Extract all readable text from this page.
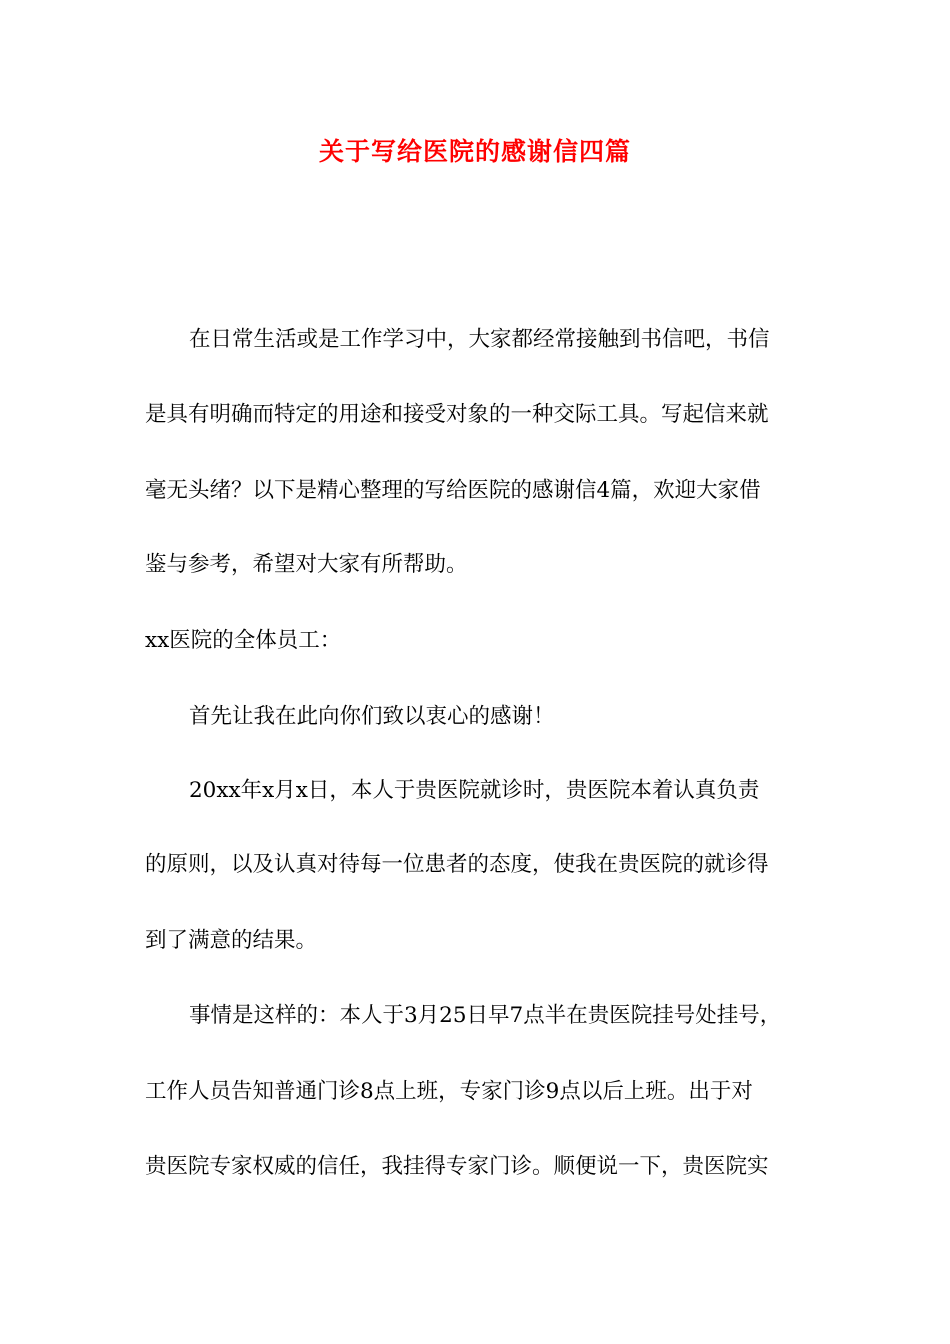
关于写给医院的感谢信四篇
在日常生活或是工作学习中，大家都经常接触到书信吧，书信
是具有明确而特定的用途和接受对象的一种交际工具。写起信来就
毫无头绪？以下是精心整理的写给医院的感谢信4篇，欢迎大家借
鉴与参考，希望对大家有所帮助。
xx医院的全体员工：
首先让我在此向你们致以衷心的感谢！
20xx年x月x日，本人于贵医院就诊时，贵医院本着认真负责
的原则，以及认真对待每一位患者的态度，使我在贵医院的就诊得
到了满意的结果。
事情是这样的：本人于3月25日早7点半在贵医院挂号处挂号，
工作人员告知普通门诊8点上班，专家门诊9点以后上班。出于对
贵医院专家权威的信任，我挂得专家门诊。顺便说一下，贵医院实
